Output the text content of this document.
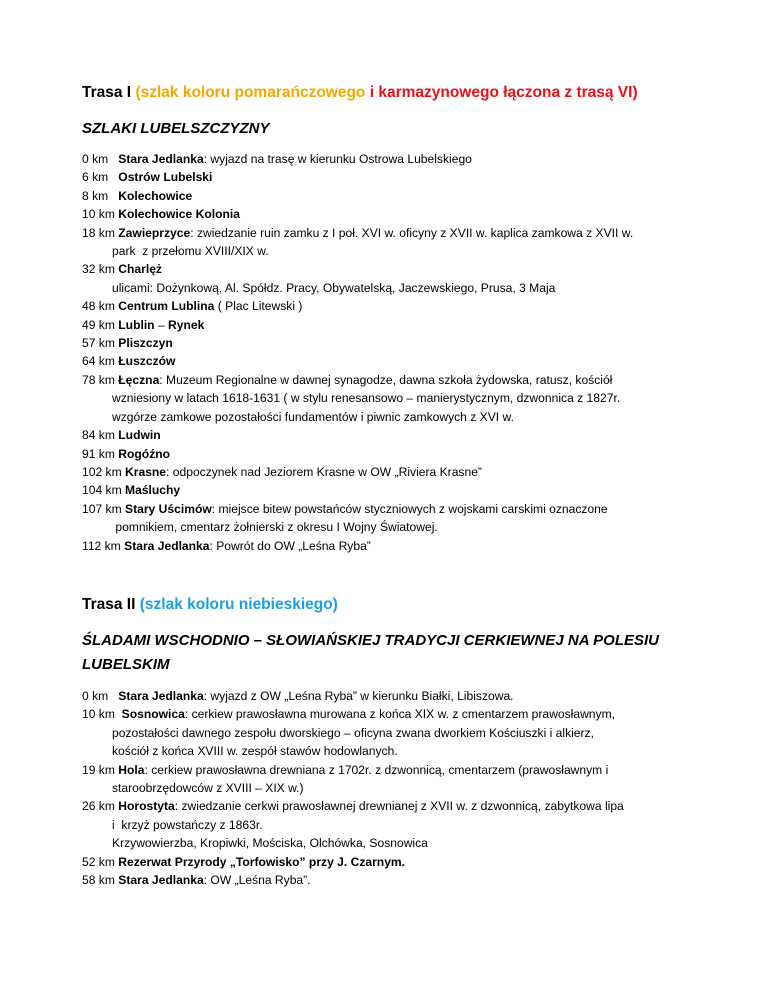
Trasa I (szlak koloru pomarańczowego i karmazynowego łączona z trasą VI)
SZLAKI LUBELSZCZYZNY
0 km   Stara Jedlanka: wyjazd na trasę w kierunku Ostrowa Lubelskiego
6 km   Ostrów Lubelski
8 km   Kolechowice
10 km Kolechowice Kolonia
18 km Zawieprzyce: zwiedzanie ruin zamku z I poł. XVI w. oficyny z XVII w. kaplica zamkowa z XVII w.
park  z przełomu XVIII/XIX w.
32 km Charlęż
ulicami: Dożynkową, Al. Spółdz. Pracy, Obywatelską, Jaczewskiego, Prusa, 3 Maja
48 km Centrum Lublina ( Plac Litewski )
49 km Lublin – Rynek
57 km Pliszczyn
64 km Łuszczów
78 km Łęczna: Muzeum Regionalne w dawnej synagodze, dawna szkoła żydowska, ratusz, kościół
wzniesiony w latach 1618-1631 ( w stylu renesansowo – manierystycznym, dzwonnica z 1827r.
wzgórze zamkowe pozostałości fundamentów i piwnic zamkowych z XVI w.
84 km Ludwin
91 km Rogóźno
102 km Krasne: odpoczynek nad Jeziorem Krasne w OW „Riviera Krasne”
104 km Maśluchy
107 km Stary Uścimów: miejsce bitew powstańców styczniowych z wojskami carskimi oznaczone
pomnikiem, cmentarz żołnierski z okresu I Wojny Światowej.
112 km Stara Jedlanka: Powrót do OW „Leśna Ryba”
Trasa II (szlak koloru niebieskiego)
ŚLADAMI WSCHODNIO – SŁOWIAŃSKIEJ TRADYCJI CERKIEWNEJ NA POLESIU LUBELSKIM
0 km   Stara Jedlanka: wyjazd z OW „Leśna Ryba” w kierunku Białki, Libiszowa.
10 km  Sosnowica: cerkiew prawosławna murowana z końca XIX w. z cmentarzem prawosławnym,
pozostałości dawnego zespołu dworskiego – oficyna zwana dworkiem Kościuszki i alkierz,
kościół z końca XVIII w. zespół stawów hodowlanych.
19 km Hola: cerkiew prawosławna drewniana z 1702r. z dzwonnicą, cmentarzem (prawosławnym i
staroobrzędowców z XVIII – XIX w.)
26 km Horostyta: zwiedzanie cerkwi prawosławnej drewnianej z XVII w. z dzwonnicą, zabytkowa lipa
i  krzyż powstańczy z 1863r.
Krzywowierzba, Kropiwki, Mościska, Olchówka, Sosnowica
52 km Rezerwat Przyrody „Torfowisko” przy J. Czarnym.
58 km Stara Jedlanka: OW „Leśna Ryba”.
